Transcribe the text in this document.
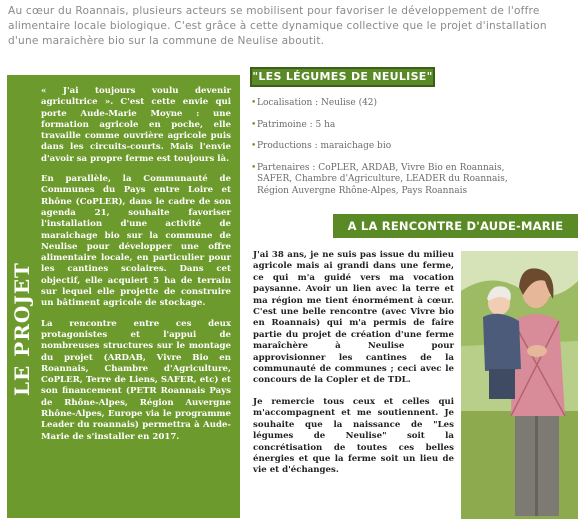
Au cœur du Roannais, plusieurs acteurs se mobilisent pour favoriser le développement de l'offre alimentaire locale biologique. C'est grâce à cette dynamique collective que le projet d'installation d'une maraichère bio sur la commune de Neulise aboutit.
LE PROJET

« J'ai toujours voulu devenir agricultrice ». C'est cette envie qui porte Aude-Marie Moyne : une formation agricole en poche, elle travaille comme ouvrière agricole puis dans les circuits-courts. Mais l'envie d'avoir sa propre ferme est toujours là.

En parallèle, la Communauté de Communes du Pays entre Loire et Rhône (CoPLER), dans le cadre de son agenda 21, souhaite favoriser l'installation d'une activité de maraichage bio sur la commune de Neulise pour développer une offre alimentaire locale, en particulier pour les cantines scolaires. Dans cet objectif, elle acquiert 5 ha de terrain sur lequel elle projette de construire un bâtiment agricole de stockage.

La rencontre entre ces deux protagonistes et l'appui de nombreuses structures sur le montage du projet (ARDAB, Vivre Bio en Roannais, Chambre d'Agriculture, CoPLER, Terre de Liens, SAFER, etc) et son financement (PETR Roannais Pays de Rhône-Alpes, Région Auvergne Rhône-Alpes, Europe via le programme Leader du roannais) permettra à Aude-Marie de s'installer en 2017.

"LES LÉGUMES DE NEULISE"
• Localisation : Neulise (42)
• Patrimoine : 5 ha
• Productions : maraichage bio
• Partenaires : CoPLER, ARDAB, Vivre Bio en Roannais, SAFER, Chambre d'Agriculture, LEADER du Roannais, Région Auvergne Rhône-Alpes, Pays Roannais
A LA RENCONTRE D'AUDE-MARIE

J'ai 38 ans, je ne suis pas issue du milieu agricole mais ai grandi dans une ferme, ce qui m'a guidé vers ma vocation paysanne. Avoir un lien avec la terre et ma région me tient énormément à cœur. C'est une belle rencontre (avec Vivre bio en Roannais) qui m'a permis de faire partie du projet de création d'une ferme maraîchère à Neulise pour approvisionner les cantines de la communauté de communes ; ceci avec le concours de la Copler et de TDL.

Je remercie tous ceux et celles qui m'accompagnent et me soutiennent. Je souhaite que la naissance de "Les légumes de Neulise" soit la concrétisation de toutes ces belles énergies et que la ferme soit un lieu de vie et d'échanges.
